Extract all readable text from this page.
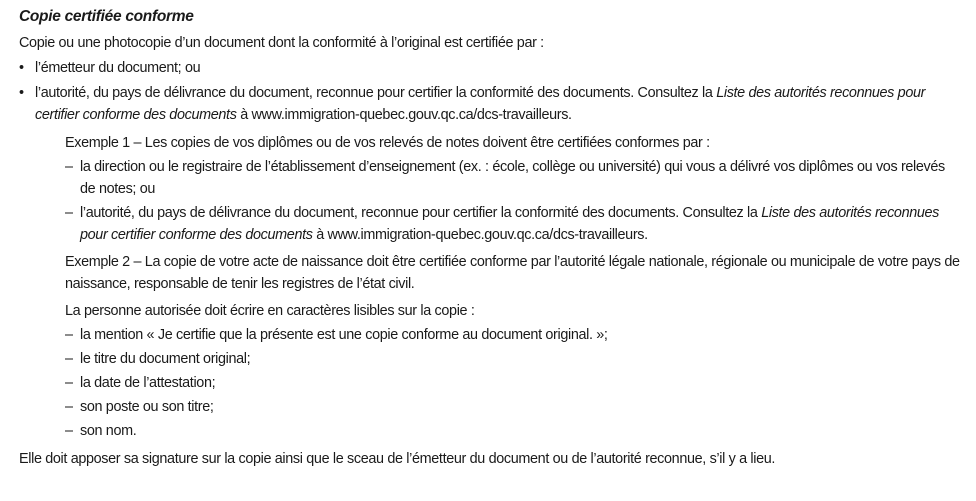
Copie certifiée conforme

Copie ou une photocopie d’un document dont la conformité à l’original est certifiée par :

• l’émetteur du document; ou
• l’autorité, du pays de délivrance du document, reconnue pour certifier la conformité des documents. Consultez la Liste des autorités reconnues pour certifier conforme des documents à www.immigration-quebec.gouv.qc.ca/dcs-travailleurs.

Exemple 1 – Les copies de vos diplômes ou de vos relevés de notes doivent être certifiées conformes par :

– la direction ou le registraire de l’établissement d’enseignement (ex. : école, collège ou université) qui vous a délivré vos diplômes ou vos relevés de notes; ou
– l’autorité, du pays de délivrance du document, reconnue pour certifier la conformité des documents. Consultez la Liste des autorités reconnues pour certifier conforme des documents à www.immigration-quebec.gouv.qc.ca/dcs-travailleurs.

Exemple 2 – La copie de votre acte de naissance doit être certifiée conforme par l’autorité légale nationale, régionale ou municipale de votre pays de naissance, responsable de tenir les registres de l’état civil.

La personne autorisée doit écrire en caractères lisibles sur la copie :

– la mention « Je certifie que la présente est une copie conforme au document original. »;
– le titre du document original;
– la date de l’attestation;
– son poste ou son titre;
– son nom.

Elle doit apposer sa signature sur la copie ainsi que le sceau de l’émetteur du document ou de l’autorité reconnue, s’il y a lieu.
